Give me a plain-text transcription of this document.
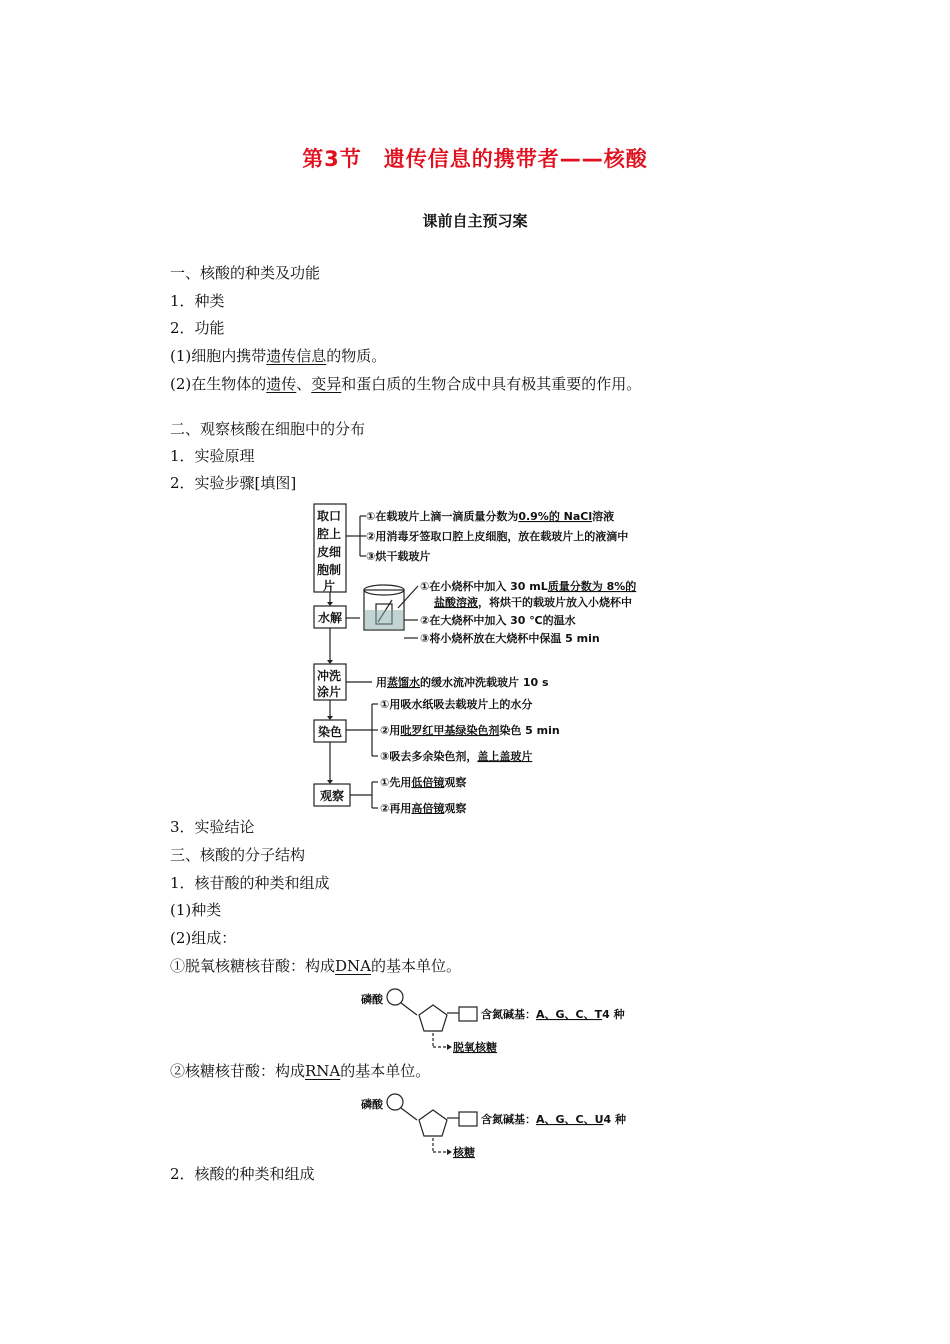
第3节　遗传信息的携带者——核酸
课前自主预习案
一、核酸的种类及功能
1．种类
2．功能
(1)细胞内携带遗传信息的物质。
(2)在生物体的遗传、变异和蛋白质的生物合成中具有极其重要的作用。
二、观察核酸在细胞中的分布
1．实验原理
2．实验步骤[填图]
取口
腔上
皮细
胞制
片
水解
冲洗
涂片
染色
观察
①在载玻片上滴一滴质量分数为0.9%的 NaCl溶液
②用消毒牙签取口腔上皮细胞，放在载玻片上的液滴中
③烘干载玻片
①在小烧杯中加入 30 mL质量分数为 8%的
盐酸溶液，将烘干的载玻片放入小烧杯中
②在大烧杯中加入 30 ℃的温水
③将小烧杯放在大烧杯中保温 5 min
用蒸馏水的缓水流冲洗载玻片 10 s
①用吸水纸吸去载玻片上的水分
②用吡罗红甲基绿染色剂染色 5 min
③吸去多余染色剂，盖上盖玻片
①先用低倍镜观察
②再用高倍镜观察
3．实验结论
三、核酸的分子结构
1．核苷酸的种类和组成
(1)种类
(2)组成：
①脱氧核糖核苷酸：构成DNA的基本单位。
磷酸
含氮碱基：A、G、C、T4 种
脱氧核糖
②核糖核苷酸：构成RNA的基本单位。
磷酸
含氮碱基：A、G、C、U4 种
核糖
2．核酸的种类和组成
